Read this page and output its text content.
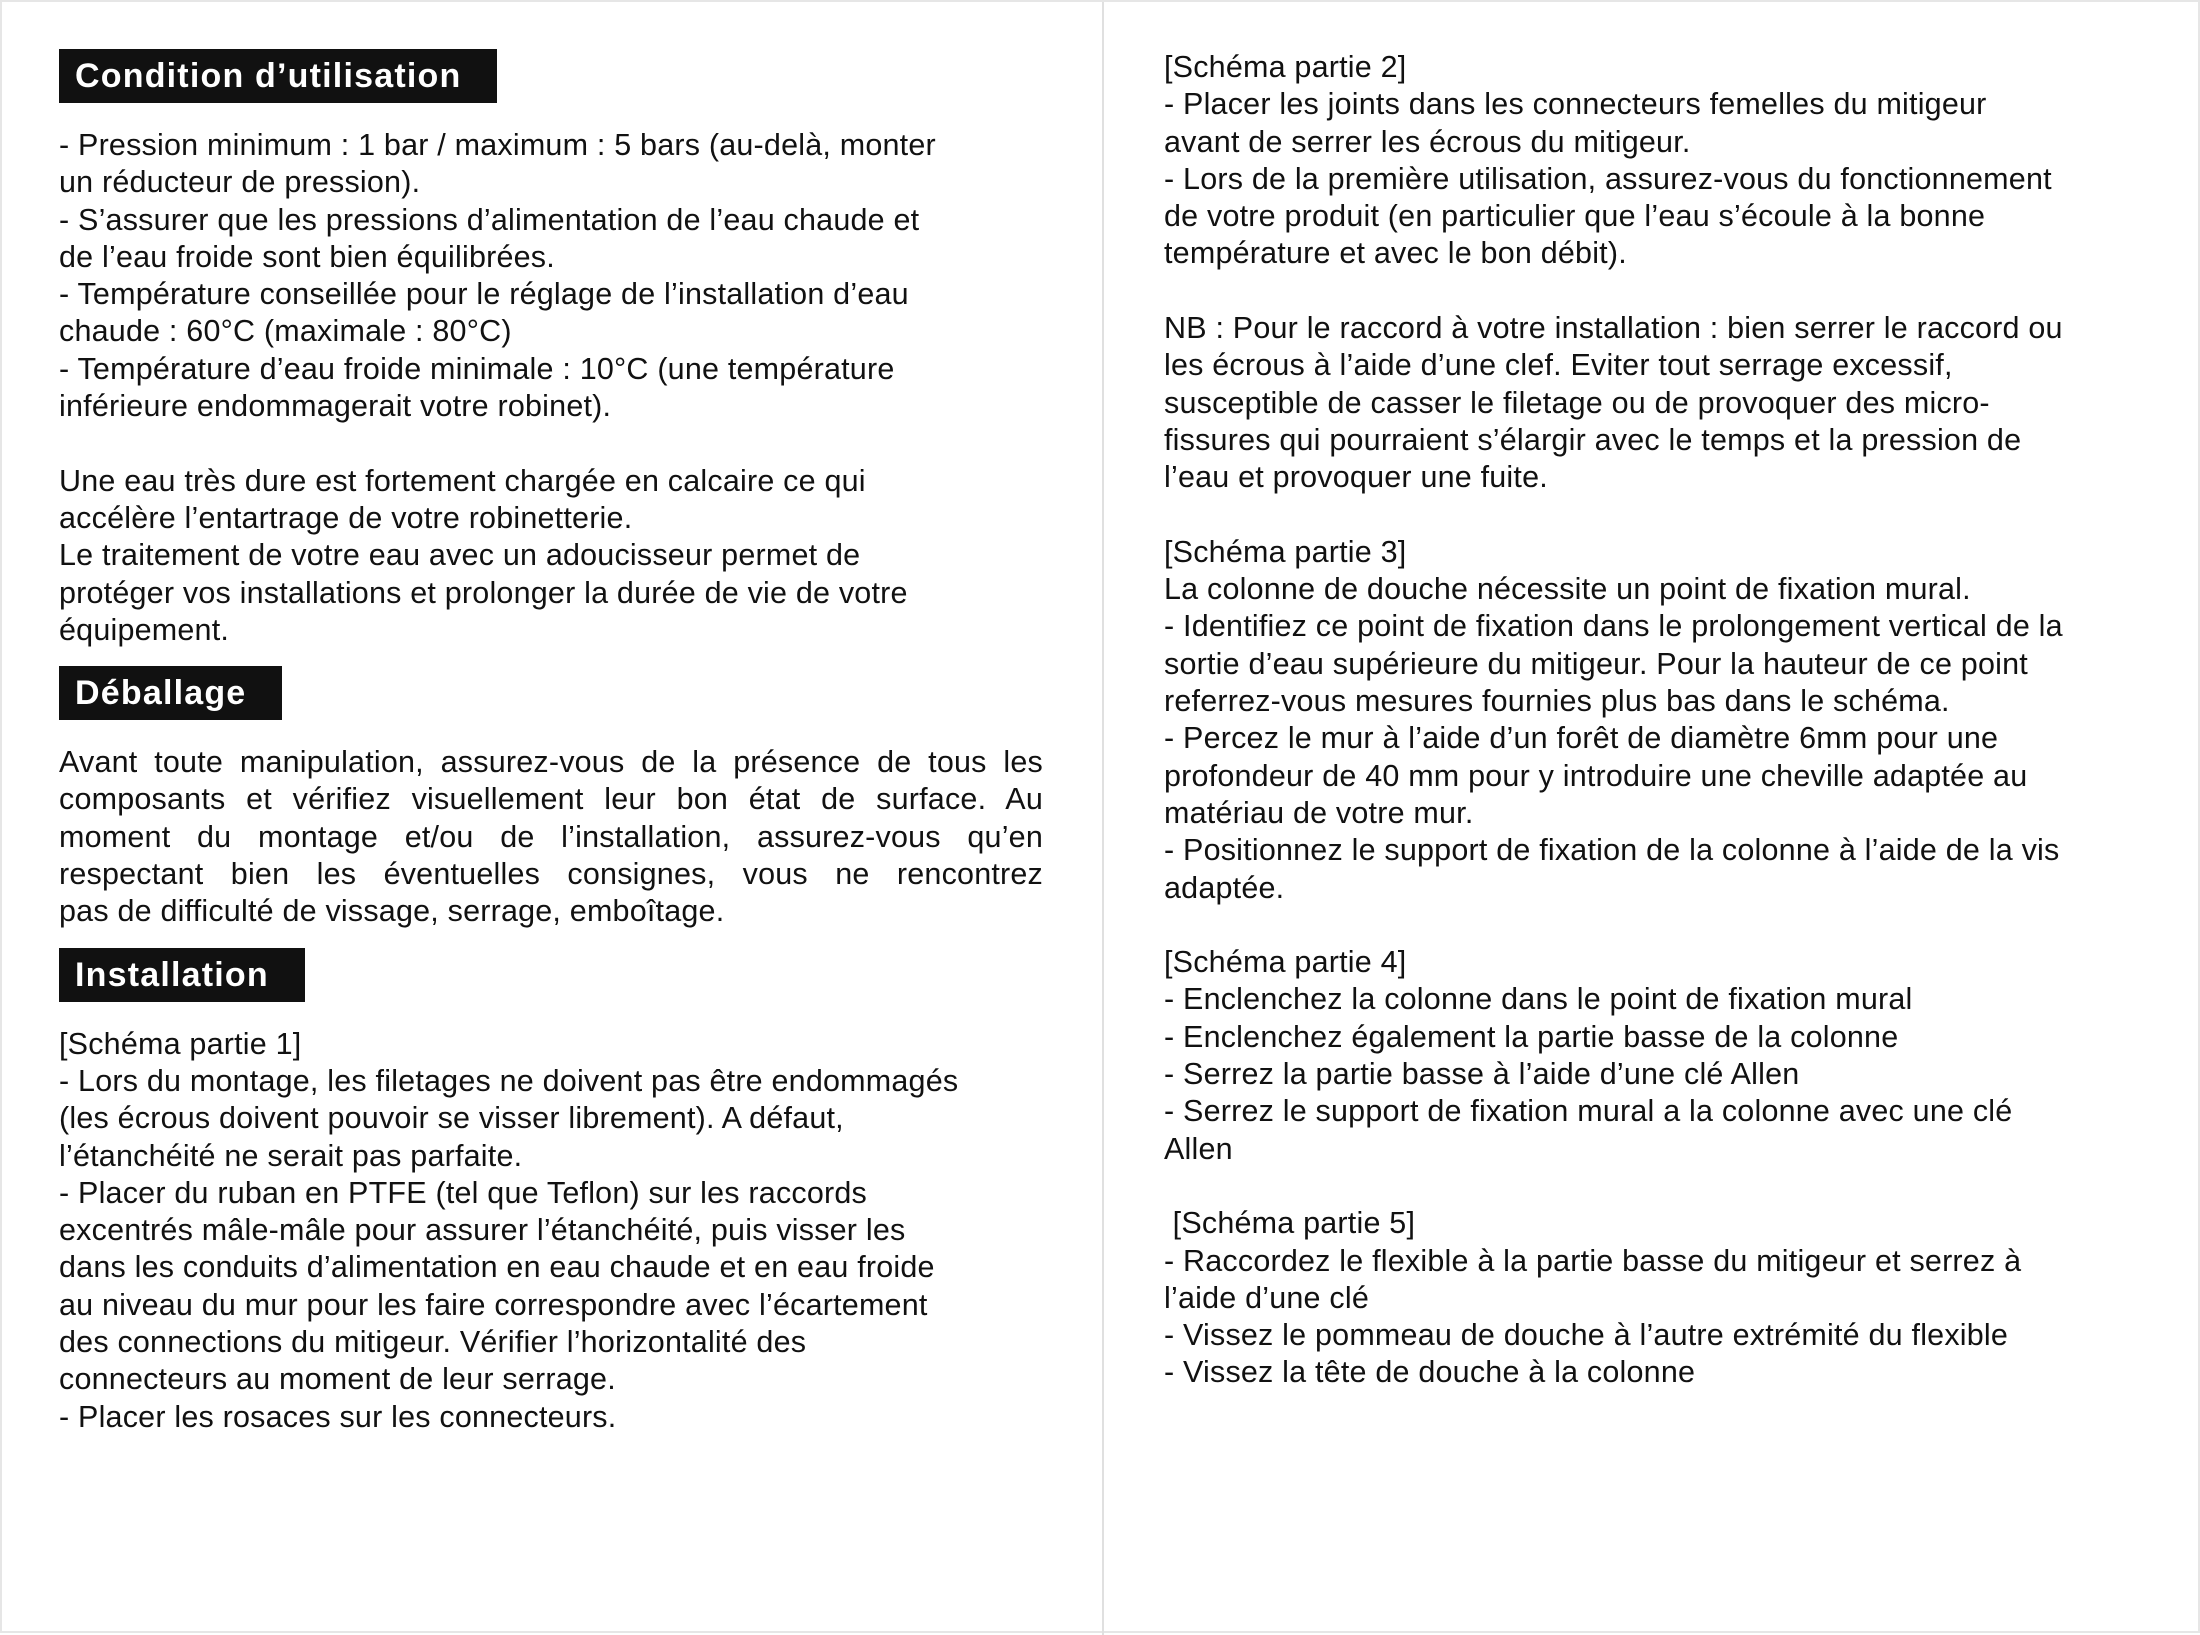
Condition d’utilisation

- Pression minimum : 1 bar / maximum : 5 bars (au-delà, monter

un réducteur de pression).

- S’assurer que les pressions d’alimentation de l’eau chaude et

de l’eau froide sont bien équilibrées.

- Température conseillée pour le réglage de l’installation d’eau

chaude : 60°C (maximale : 80°C)

- Température d’eau froide minimale : 10°C (une température

inférieure endommagerait votre robinet).

Une eau très dure est fortement chargée en calcaire ce qui

accélère l’entartrage de votre robinetterie.

Le traitement de votre eau avec un adoucisseur permet de

protéger vos installations et prolonger la durée de vie de votre

équipement.

Déballage

Avant toute manipulation, assurez-vous de la présence de tous les

composants et vérifiez visuellement leur bon état de surface. Au

moment du montage et/ou de l’installation, assurez-vous qu’en

respectant bien les éventuelles consignes, vous ne rencontrez

pas de difficulté de vissage, serrage, emboîtage.

Installation

[Schéma partie 1]

- Lors du montage, les filetages ne doivent pas être endommagés

(les écrous doivent pouvoir se visser librement). A défaut,

l’étanchéité ne serait pas parfaite.

- Placer du ruban en PTFE (tel que Teflon) sur les raccords

excentrés mâle-mâle pour assurer l’étanchéité, puis visser les

dans les conduits d’alimentation en eau chaude et en eau froide

au niveau du mur pour les faire correspondre avec l’écartement

des connections du mitigeur. Vérifier l’horizontalité des

connecteurs au moment de leur serrage.

- Placer les rosaces sur les connecteurs.

[Schéma partie 2]

- Placer les joints dans les connecteurs femelles du mitigeur

avant de serrer les écrous du mitigeur.

- Lors de la première utilisation, assurez-vous du fonctionnement

de votre produit (en particulier que l’eau s’écoule à la bonne

température et avec le bon débit).

NB : Pour le raccord à votre installation : bien serrer le raccord ou

les écrous à l’aide d’une clef. Eviter tout serrage excessif,

susceptible de casser le filetage ou de provoquer des micro-

fissures qui pourraient s’élargir avec le temps et la pression de

l’eau et provoquer une fuite.

[Schéma partie 3]

La colonne de douche nécessite un point de fixation mural.

- Identifiez ce point de fixation dans le prolongement vertical de la

sortie d’eau supérieure du mitigeur. Pour la hauteur de ce point

referrez-vous mesures fournies plus bas dans le schéma.

- Percez le mur à l’aide d’un forêt de diamètre 6mm pour une

profondeur de 40 mm pour y introduire une cheville adaptée au

matériau de votre mur.

- Positionnez le support de fixation de la colonne à l’aide de la vis

adaptée.

[Schéma partie 4]

- Enclenchez la colonne dans le point de fixation mural

- Enclenchez également la partie basse de la colonne

- Serrez la partie basse à l’aide d’une clé Allen

- Serrez le support de fixation mural a la colonne avec une clé

Allen

[Schéma partie 5]

- Raccordez le flexible à la partie basse du mitigeur et serrez à

l’aide d’une clé

- Vissez le pommeau de douche à l’autre extrémité du flexible

- Vissez la tête de douche à la colonne
